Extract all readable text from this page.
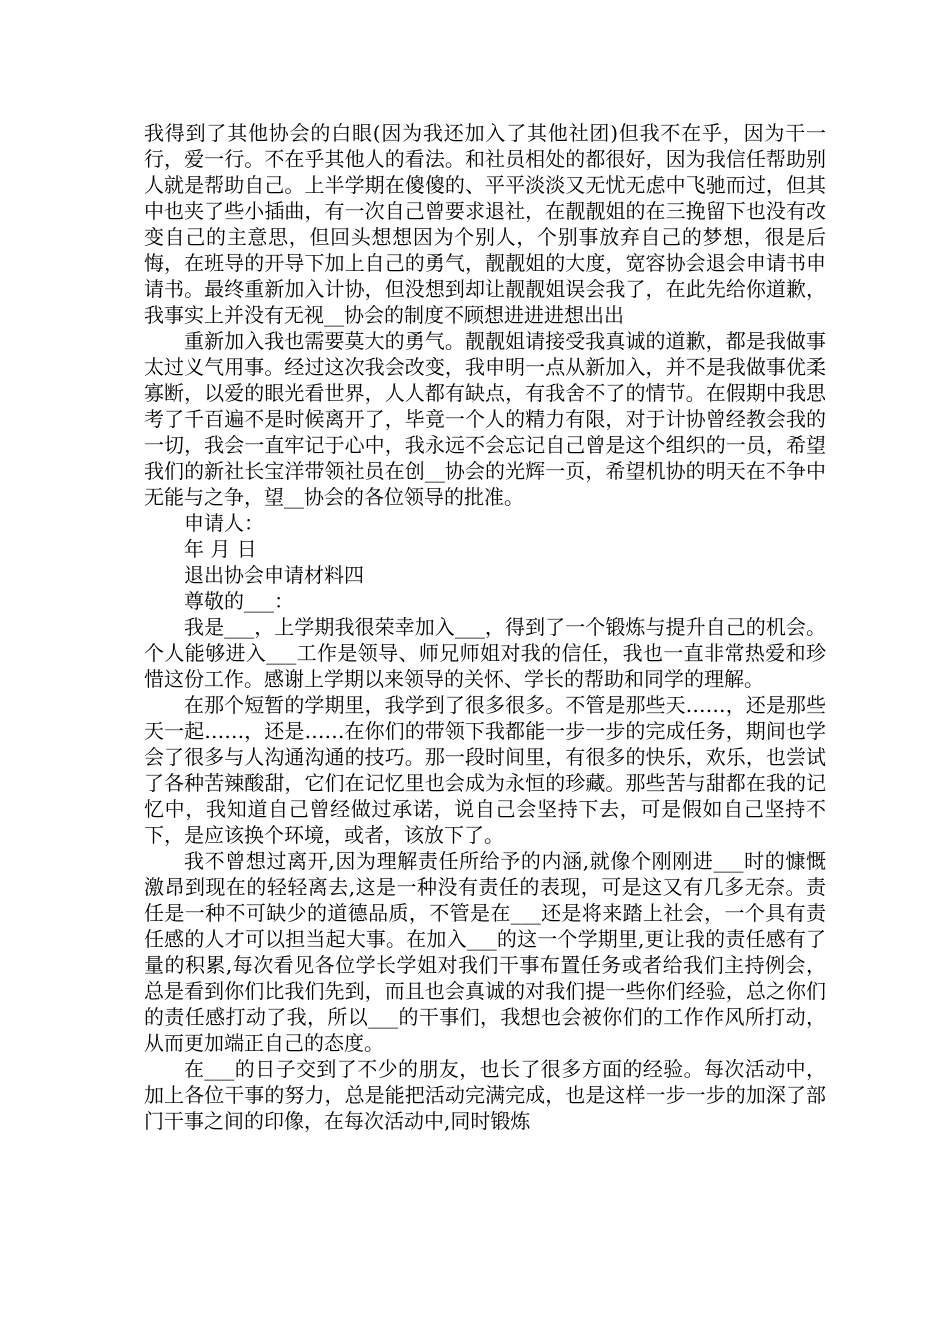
我得到了其他协会的白眼(因为我还加入了其他社团)但我不在乎，因为干一行，爱一行。不在乎其他人的看法。和社员相处的都很好，因为我信任帮助别人就是帮助自己。上半学期在傻傻的、平平淡淡又无忧无虑中飞驰而过，但其中也夹了些小插曲，有一次自己曾要求退社，在靓靓姐的在三挽留下也没有改变自己的主意思，但回头想想因为个别人，个别事放弃自己的梦想，很是后悔，在班导的开导下加上自己的勇气，靓靓姐的大度，宽容协会退会申请书申请书。最终重新加入计协，但没想到却让靓靓姐误会我了，在此先给你道歉，我事实上并没有无视__协会的制度不顾想进进进想出出

重新加入我也需要莫大的勇气。靓靓姐请接受我真诚的道歉，都是我做事太过义气用事。经过这次我会改变，我申明一点从新加入，并不是我做事优柔寡断，以爱的眼光看世界，人人都有缺点，有我舍不了的情节。在假期中我思考了千百遍不是时候离开了，毕竟一个人的精力有限，对于计协曾经教会我的一切，我会一直牢记于心中，我永远不会忘记自己曾是这个组织的一员，希望我们的新社长宝洋带领社员在创__协会的光辉一页，希望机协的明天在不争中无能与之争，望__协会的各位领导的批准。

申请人：

年 月 日

退出协会申请材料四

尊敬的___：

我是___，上学期我很荣幸加入___，得到了一个锻炼与提升自己的机会。个人能够进入___工作是领导、师兄师姐对我的信任，我也一直非常热爱和珍惜这份工作。感谢上学期以来领导的关怀、学长的帮助和同学的理解。

在那个短暂的学期里，我学到了很多很多。不管是那些天……，还是那些天一起……，还是……在你们的带领下我都能一步一步的完成任务，期间也学会了很多与人沟通沟通的技巧。那一段时间里，有很多的快乐，欢乐，也尝试了各种苦辣酸甜，它们在记忆里也会成为永恒的珍藏。那些苦与甜都在我的记忆中，我知道自己曾经做过承诺，说自己会坚持下去，可是假如自己坚持不下，是应该换个环境，或者，该放下了。

我不曾想过离开,因为理解责任所给予的内涵,就像个刚刚进___时的慷慨激昂到现在的轻轻离去,这是一种没有责任的表现，可是这又有几多无奈。责任是一种不可缺少的道德品质，不管是在___还是将来踏上社会，一个具有责任感的人才可以担当起大事。在加入___的这一个学期里,更让我的责任感有了量的积累,每次看见各位学长学姐对我们干事布置任务或者给我们主持例会，总是看到你们比我们先到，而且也会真诚的对我们提一些你们经验，总之你们的责任感打动了我，所以___的干事们，我想也会被你们的工作作风所打动，从而更加端正自己的态度。

在___的日子交到了不少的朋友，也长了很多方面的经验。每次活动中，加上各位干事的努力，总是能把活动完满完成，也是这样一步一步的加深了部门干事之间的印像，在每次活动中,同时锻炼
